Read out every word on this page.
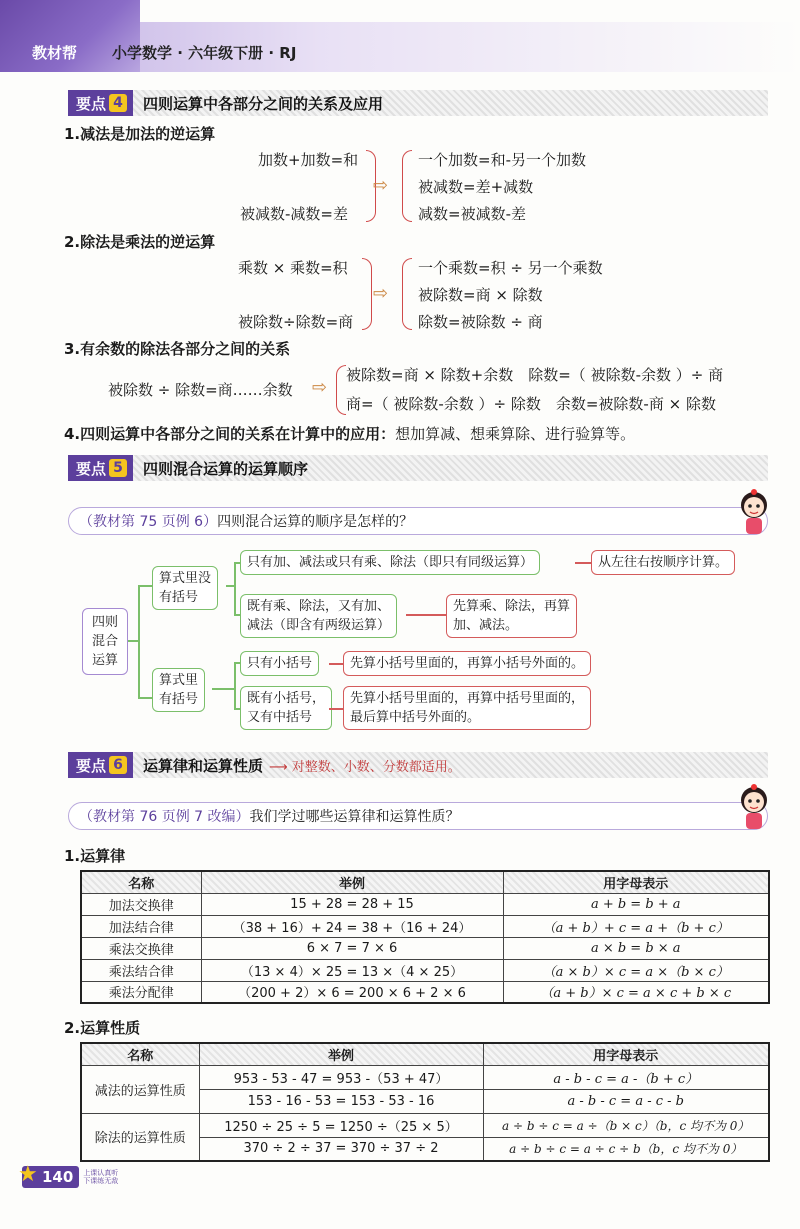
教材帮 小学数学 · 六年级下册 · RJ
要点 4 四则运算中各部分之间的关系及应用
1.减法是加法的逆运算
加数+加数=和
被减数-减数=差
⇨
一个加数=和-另一个加数
被减数=差+减数
减数=被减数-差
2.除法是乘法的逆运算
乘数 × 乘数=积
被除数÷除数=商
⇨
一个乘数=积 ÷ 另一个乘数
被除数=商 × 除数
除数=被除数 ÷ 商
3.有余数的除法各部分之间的关系
被除数 ÷ 除数=商……余数 ⇨
被除数=商 × 除数+余数　除数=（ 被除数-余数 ）÷ 商
商=（ 被除数-余数 ）÷ 除数　余数=被除数-商 × 除数
4.四则运算中各部分之间的关系在计算中的应用：想加算减、想乘算除、进行验算等。
要点 5 四则混合运算的运算顺序
（教材第 75 页例 6） 四则混合运算的顺序是怎样的？
四则
混合
运算
算式里没
有括号
只有加、减法或只有乘、除法（即只有同级运算）	从左往右按顺序计算。
既有乘、除法，又有加、
减法（即含有两级运算）
先算乘、除法，再算
加、减法。
算式里
有括号
只有小括号	先算小括号里面的，再算小括号外面的。
既有小括号，
又有中括号
先算小括号里面的，再算中括号里面的，
最后算中括号外面的。
要点 6 运算律和运算性质 ⟶ 对整数、小数、分数都适用。
（教材第 76 页例 7 改编） 我们学过哪些运算律和运算性质？
1.运算律
名称	举例	用字母表示
加法交换律	15 + 28 = 28 + 15	a + b = b + a
加法结合律	（38 + 16）+ 24 = 38 +（16 + 24）	（a + b）+ c = a +（b + c）
乘法交换律	6 × 7 = 7 × 6	a × b = b × a
乘法结合律	（13 × 4）× 25 = 13 ×（4 × 25）	（a × b）× c = a ×（b × c）
乘法分配律	（200 + 2）× 6 = 200 × 6 + 2 × 6	（a + b）× c = a × c + b × c
2.运算性质
名称	举例	用字母表示
减法的运算性质	953 - 53 - 47 = 953 -（53 + 47）	a - b - c = a -（b + c）
	153 - 16 - 53 = 153 - 53 - 16	a - b - c = a - c - b
除法的运算性质	1250 ÷ 25 ÷ 5 = 1250 ÷（25 × 5）	a ÷ b ÷ c = a ÷（b × c）（b，c 均不为 0）
	370 ÷ 2 ÷ 37 = 370 ÷ 37 ÷ 2	a ÷ b ÷ c = a ÷ c ÷ b（b，c 均不为 0）
★ 140	上课认真听
下课练无敌
